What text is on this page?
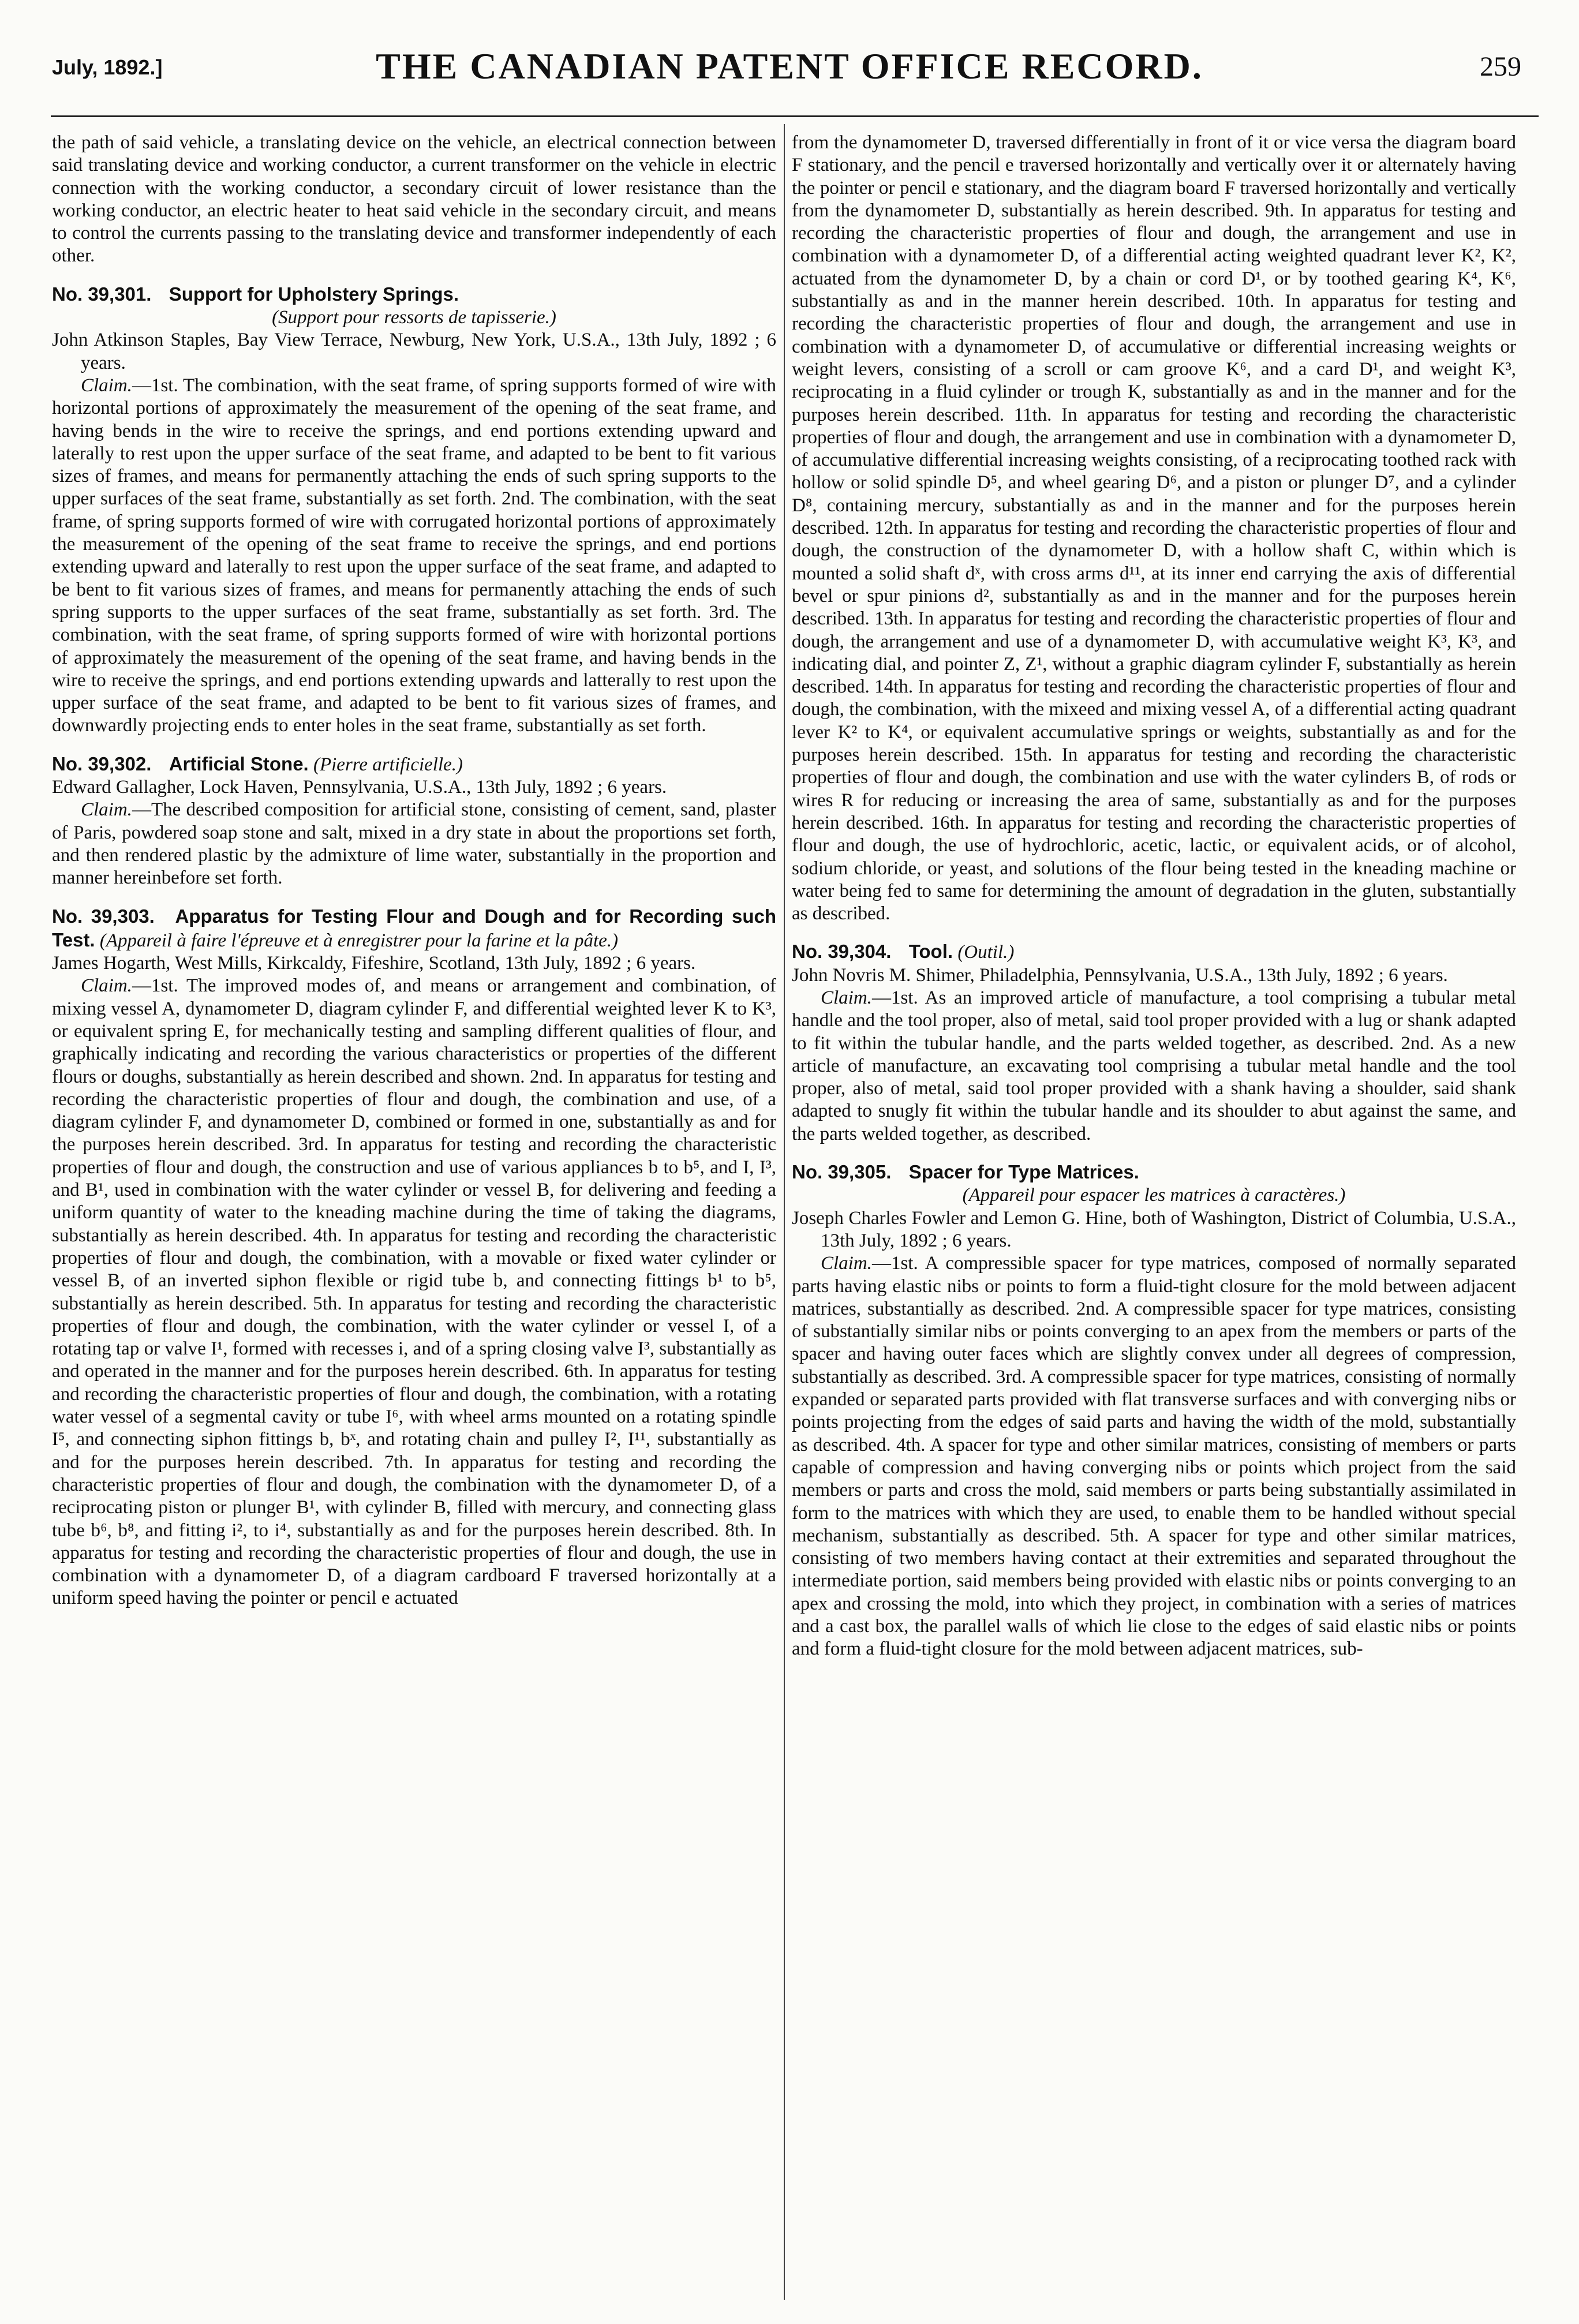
July, 1892.]	THE CANADIAN PATENT OFFICE RECORD.	259

the path of said vehicle, a translating device on the vehicle, an electrical connection between said translating device and working conductor, a current transformer on the vehicle in electric connection with the working conductor, a secondary circuit of lower resistance than the working conductor, an electric heater to heat said vehicle in the secondary circuit, and means to control the currents passing to the translating device and transformer independently of each other.

No. 39,301. Support for Upholstery Springs.

(Support pour ressorts de tapisserie.)

John Atkinson Staples, Bay View Terrace, Newburg, New York, U.S.A., 13th July, 1892 ; 6 years.

Claim.—1st. The combination, with the seat frame, of spring supports formed of wire with horizontal portions of approximately the measurement of the opening of the seat frame, and having bends in the wire to receive the springs, and end portions extending upward and laterally to rest upon the upper surface of the seat frame, and adapted to be bent to fit various sizes of frames, and means for permanently attaching the ends of such spring supports to the upper surfaces of the seat frame, substantially as set forth. 2nd. The combination, with the seat frame, of spring supports formed of wire with corrugated horizontal portions of approximately the measurement of the opening of the seat frame to receive the springs, and end portions extending upward and laterally to rest upon the upper surface of the seat frame, and adapted to be bent to fit various sizes of frames, and means for permanently attaching the ends of such spring supports to the upper surfaces of the seat frame, substantially as set forth. 3rd. The combination, with the seat frame, of spring supports formed of wire with horizontal portions of approximately the measurement of the opening of the seat frame, and having bends in the wire to receive the springs, and end portions extending upwards and latterally to rest upon the upper surface of the seat frame, and adapted to be bent to fit various sizes of frames, and downwardly projecting ends to enter holes in the seat frame, substantially as set forth.

No. 39,302. Artificial Stone. (Pierre artificielle.)

Edward Gallagher, Lock Haven, Pennsylvania, U.S.A., 13th July, 1892 ; 6 years.

Claim.—The described composition for artificial stone, consisting of cement, sand, plaster of Paris, powdered soap stone and salt, mixed in a dry state in about the proportions set forth, and then rendered plastic by the admixture of lime water, substantially in the proportion and manner hereinbefore set forth.

No. 39,303. Apparatus for Testing Flour and Dough and for Recording such Test. (Appareil à faire l'épreuve et à enregistrer pour la farine et la pâte.)

James Hogarth, West Mills, Kirkcaldy, Fifeshire, Scotland, 13th July, 1892 ; 6 years.

Claim.—1st. The improved modes of, and means or arrangement and combination, of mixing vessel A, dynamometer D, diagram cylinder F, and differential weighted lever K to K³, or equivalent spring E, for mechanically testing and sampling different qualities of flour, and graphically indicating and recording the various characteristics or properties of the different flours or doughs, substantially as herein described and shown. 2nd. In apparatus for testing and recording the characteristic properties of flour and dough, the combination and use, of a diagram cylinder F, and dynamometer D, combined or formed in one, substantially as and for the purposes herein described. 3rd. In apparatus for testing and recording the characteristic properties of flour and dough, the construction and use of various appliances b to b⁵, and I, I³, and B¹, used in combination with the water cylinder or vessel B, for delivering and feeding a uniform quantity of water to the kneading machine during the time of taking the diagrams, substantially as herein described. 4th. In apparatus for testing and recording the characteristic properties of flour and dough, the combination, with a movable or fixed water cylinder or vessel B, of an inverted siphon flexible or rigid tube b, and connecting fittings b¹ to b⁵, substantially as herein described. 5th. In apparatus for testing and recording the characteristic properties of flour and dough, the combination, with the water cylinder or vessel I, of a rotating tap or valve I¹, formed with recesses i, and of a spring closing valve I³, substantially as and operated in the manner and for the purposes herein described. 6th. In apparatus for testing and recording the characteristic properties of flour and dough, the combination, with a rotating water vessel of a segmental cavity or tube I⁶, with wheel arms mounted on a rotating spindle I⁵, and connecting siphon fittings b, bˣ, and rotating chain and pulley I², I¹¹, substantially as and for the purposes herein described. 7th. In apparatus for testing and recording the characteristic properties of flour and dough, the combination with the dynamometer D, of a reciprocating piston or plunger B¹, with cylinder B, filled with mercury, and connecting glass tube b⁶, b⁸, and fitting i², to i⁴, substantially as and for the purposes herein described. 8th. In apparatus for testing and recording the characteristic properties of flour and dough, the use in combination with a dynamometer D, of a diagram cardboard F traversed horizontally at a uniform speed having the pointer or pencil e actuated

from the dynamometer D, traversed differentially in front of it or vice versa the diagram board F stationary, and the pencil e traversed horizontally and vertically over it or alternately having the pointer or pencil e stationary, and the diagram board F traversed horizontally and vertically from the dynamometer D, substantially as herein described. 9th. In apparatus for testing and recording the characteristic properties of flour and dough, the arrangement and use in combination with a dynamometer D, of a differential acting weighted quadrant lever K², K², actuated from the dynamometer D, by a chain or cord D¹, or by toothed gearing K⁴, K⁶, substantially as and in the manner herein described. 10th. In apparatus for testing and recording the characteristic properties of flour and dough, the arrangement and use in combination with a dynamometer D, of accumulative or differential increasing weights or weight levers, consisting of a scroll or cam groove K⁶, and a card D¹, and weight K³, reciprocating in a fluid cylinder or trough K, substantially as and in the manner and for the purposes herein described. 11th. In apparatus for testing and recording the characteristic properties of flour and dough, the arrangement and use in combination with a dynamometer D, of accumulative differential increasing weights consisting, of a reciprocating toothed rack with hollow or solid spindle D⁵, and wheel gearing D⁶, and a piston or plunger D⁷, and a cylinder D⁸, containing mercury, substantially as and in the manner and for the purposes herein described. 12th. In apparatus for testing and recording the characteristic properties of flour and dough, the construction of the dynamometer D, with a hollow shaft C, within which is mounted a solid shaft dˣ, with cross arms d¹¹, at its inner end carrying the axis of differential bevel or spur pinions d², substantially as and in the manner and for the purposes herein described. 13th. In apparatus for testing and recording the characteristic properties of flour and dough, the arrangement and use of a dynamometer D, with accumulative weight K³, K³, and indicating dial, and pointer Z, Z¹, without a graphic diagram cylinder F, substantially as herein described. 14th. In apparatus for testing and recording the characteristic properties of flour and dough, the combination, with the mixeed and mixing vessel A, of a differential acting quadrant lever K² to K⁴, or equivalent accumulative springs or weights, substantially as and for the purposes herein described. 15th. In apparatus for testing and recording the characteristic properties of flour and dough, the combination and use with the water cylinders B, of rods or wires R for reducing or increasing the area of same, substantially as and for the purposes herein described. 16th. In apparatus for testing and recording the characteristic properties of flour and dough, the use of hydrochloric, acetic, lactic, or equivalent acids, or of alcohol, sodium chloride, or yeast, and solutions of the flour being tested in the kneading machine or water being fed to same for determining the amount of degradation in the gluten, substantially as described.

No. 39,304. Tool. (Outil.)

John Novris M. Shimer, Philadelphia, Pennsylvania, U.S.A., 13th July, 1892 ; 6 years.

Claim.—1st. As an improved article of manufacture, a tool comprising a tubular metal handle and the tool proper, also of metal, said tool proper provided with a lug or shank adapted to fit within the tubular handle, and the parts welded together, as described. 2nd. As a new article of manufacture, an excavating tool comprising a tubular metal handle and the tool proper, also of metal, said tool proper provided with a shank having a shoulder, said shank adapted to snugly fit within the tubular handle and its shoulder to abut against the same, and the parts welded together, as described.

No. 39,305. Spacer for Type Matrices.

(Appareil pour espacer les matrices à caractères.)

Joseph Charles Fowler and Lemon G. Hine, both of Washington, District of Columbia, U.S.A., 13th July, 1892 ; 6 years.

Claim.—1st. A compressible spacer for type matrices, composed of normally separated parts having elastic nibs or points to form a fluid-tight closure for the mold between adjacent matrices, substantially as described. 2nd. A compressible spacer for type matrices, consisting of substantially similar nibs or points converging to an apex from the members or parts of the spacer and having outer faces which are slightly convex under all degrees of compression, substantially as described. 3rd. A compressible spacer for type matrices, consisting of normally expanded or separated parts provided with flat transverse surfaces and with converging nibs or points projecting from the edges of said parts and having the width of the mold, substantially as described. 4th. A spacer for type and other similar matrices, consisting of members or parts capable of compression and having converging nibs or points which project from the said members or parts and cross the mold, said members or parts being substantially assimilated in form to the matrices with which they are used, to enable them to be handled without special mechanism, substantially as described. 5th. A spacer for type and other similar matrices, consisting of two members having contact at their extremities and separated throughout the intermediate portion, said members being provided with elastic nibs or points converging to an apex and crossing the mold, into which they project, in combination with a series of matrices and a cast box, the parallel walls of which lie close to the edges of said elastic nibs or points and form a fluid-tight closure for the mold between adjacent matrices, sub-
